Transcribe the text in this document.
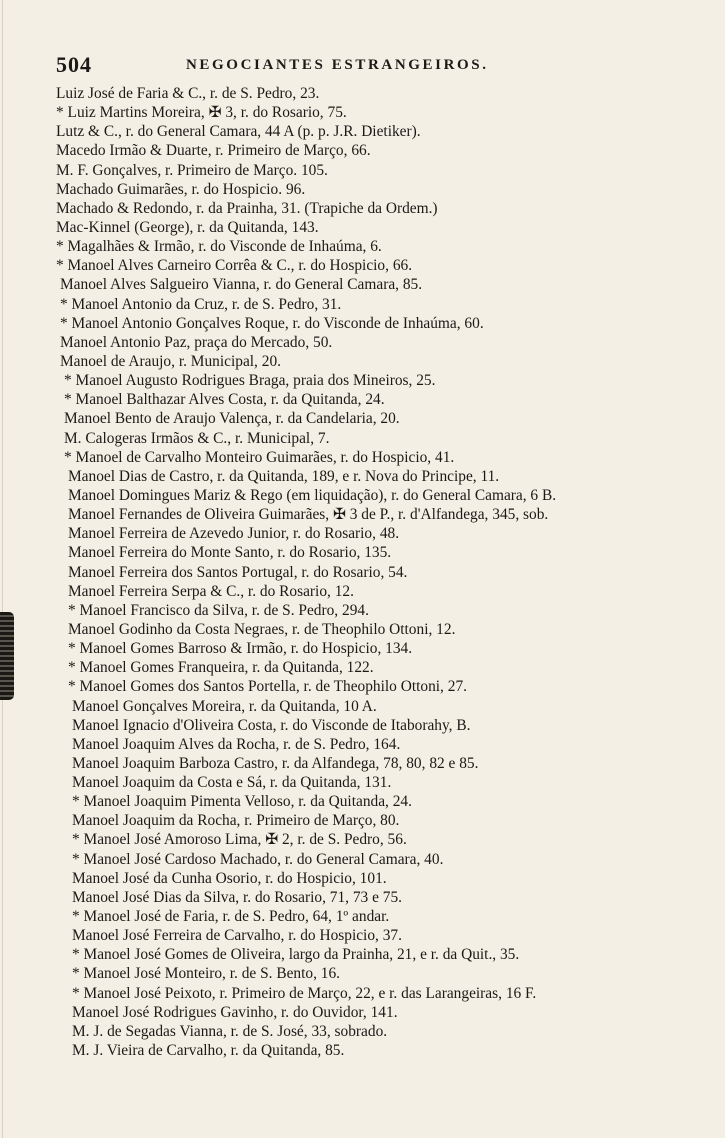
504	NEGOCIANTES ESTRANGEIROS.
Luiz José de Faria & C., r. de S. Pedro, 23.
* Luiz Martins Moreira, ✠ 3, r. do Rosario, 75.
Lutz & C., r. do General Camara, 44 A (p. p. J.R. Dietiker).
Macedo Irmão & Duarte, r. Primeiro de Março, 66.
M. F. Gonçalves, r. Primeiro de Março. 105.
Machado Guimarães, r. do Hospicio. 96.
Machado & Redondo, r. da Prainha, 31. (Trapiche da Ordem.)
Mac-Kinnel (George), r. da Quitanda, 143.
* Magalhães & Irmão, r. do Visconde de Inhaúma, 6.
* Manoel Alves Carneiro Corrêa & C., r. do Hospicio, 66.
Manoel Alves Salgueiro Vianna, r. do General Camara, 85.
* Manoel Antonio da Cruz, r. de S. Pedro, 31.
* Manoel Antonio Gonçalves Roque, r. do Visconde de Inhaúma, 60.
Manoel Antonio Paz, praça do Mercado, 50.
Manoel de Araujo, r. Municipal, 20.
* Manoel Augusto Rodrigues Braga, praia dos Mineiros, 25.
* Manoel Balthazar Alves Costa, r. da Quitanda, 24.
Manoel Bento de Araujo Valença, r. da Candelaria, 20.
M. Calogeras Irmãos & C., r. Municipal, 7.
* Manoel de Carvalho Monteiro Guimarães, r. do Hospicio, 41.
Manoel Dias de Castro, r. da Quitanda, 189, e r. Nova do Principe, 11.
Manoel Domingues Mariz & Rego (em liquidação), r. do General Camara, 6 B.
Manoel Fernandes de Oliveira Guimarães, ✠ 3 de P., r. d'Alfandega, 345, sob.
Manoel Ferreira de Azevedo Junior, r. do Rosario, 48.
Manoel Ferreira do Monte Santo, r. do Rosario, 135.
Manoel Ferreira dos Santos Portugal, r. do Rosario, 54.
Manoel Ferreira Serpa & C., r. do Rosario, 12.
* Manoel Francisco da Silva, r. de S. Pedro, 294.
Manoel Godinho da Costa Negraes, r. de Theophilo Ottoni, 12.
* Manoel Gomes Barroso & Irmão, r. do Hospicio, 134.
* Manoel Gomes Franqueira, r. da Quitanda, 122.
* Manoel Gomes dos Santos Portella, r. de Theophilo Ottoni, 27.
Manoel Gonçalves Moreira, r. da Quitanda, 10 A.
Manoel Ignacio d'Oliveira Costa, r. do Visconde de Itaborahy, B.
Manoel Joaquim Alves da Rocha, r. de S. Pedro, 164.
Manoel Joaquim Barboza Castro, r. da Alfandega, 78, 80, 82 e 85.
Manoel Joaquim da Costa e Sá, r. da Quitanda, 131.
* Manoel Joaquim Pimenta Velloso, r. da Quitanda, 24.
Manoel Joaquim da Rocha, r. Primeiro de Março, 80.
* Manoel José Amoroso Lima, ✠ 2, r. de S. Pedro, 56.
* Manoel José Cardoso Machado, r. do General Camara, 40.
Manoel José da Cunha Osorio, r. do Hospicio, 101.
Manoel José Dias da Silva, r. do Rosario, 71, 73 e 75.
* Manoel José de Faria, r. de S. Pedro, 64, 1º andar.
Manoel José Ferreira de Carvalho, r. do Hospicio, 37.
* Manoel José Gomes de Oliveira, largo da Prainha, 21, e r. da Quit., 35.
* Manoel José Monteiro, r. de S. Bento, 16.
* Manoel José Peixoto, r. Primeiro de Março, 22, e r. das Larangeiras, 16 F.
Manoel José Rodrigues Gavinho, r. do Ouvidor, 141.
M. J. de Segadas Vianna, r. de S. José, 33, sobrado.
M. J. Vieira de Carvalho, r. da Quitanda, 85.
